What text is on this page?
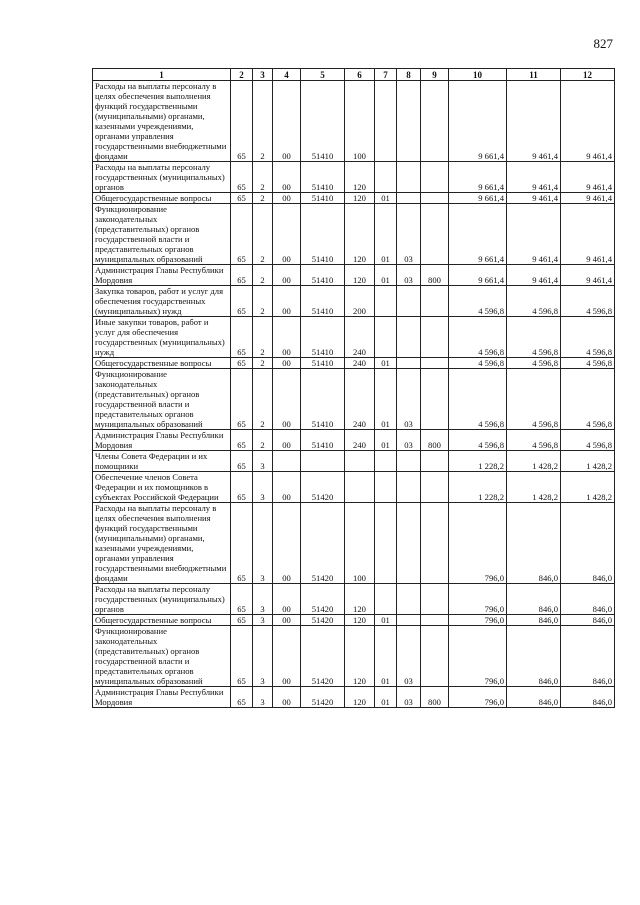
827
1	2	3	4	5	6	7	8	9	10	11	12
Расходы на выплаты персоналу в целях обеспечения выполнения функций государственными (муниципальными) органами, казенными учреждениями, органами управления государственными внебюджетными фондами	65	2	00	51410	100				9 661,4	9 461,4	9 461,4
Расходы на выплаты персоналу государственных (муниципальных) органов	65	2	00	51410	120				9 661,4	9 461,4	9 461,4
Общегосударственные вопросы	65	2	00	51410	120	01			9 661,4	9 461,4	9 461,4
Функционирование законодательных (представительных) органов государственной власти и представительных органов муниципальных образований	65	2	00	51410	120	01	03		9 661,4	9 461,4	9 461,4
Администрация Главы Республики Мордовия	65	2	00	51410	120	01	03	800	9 661,4	9 461,4	9 461,4
Закупка товаров, работ и услуг для обеспечения государственных (муниципальных) нужд	65	2	00	51410	200				4 596,8	4 596,8	4 596,8
Иные закупки товаров, работ и услуг для обеспечения государственных (муниципальных) нужд	65	2	00	51410	240				4 596,8	4 596,8	4 596,8
Общегосударственные вопросы	65	2	00	51410	240	01			4 596,8	4 596,8	4 596,8
Функционирование законодательных (представительных) органов государственной власти и представительных органов муниципальных образований	65	2	00	51410	240	01	03		4 596,8	4 596,8	4 596,8
Администрация Главы Республики Мордовия	65	2	00	51410	240	01	03	800	4 596,8	4 596,8	4 596,8
Члены Совета Федерации и их помощники	65	3							1 228,2	1 428,2	1 428,2
Обеспечение членов Совета Федерации и их помощников в субъектах Российской Федерации	65	3	00	51420					1 228,2	1 428,2	1 428,2
Расходы на выплаты персоналу в целях обеспечения выполнения функций государственными (муниципальными) органами, казенными учреждениями, органами управления государственными внебюджетными фондами	65	3	00	51420	100				796,0	846,0	846,0
Расходы на выплаты персоналу государственных (муниципальных) органов	65	3	00	51420	120				796,0	846,0	846,0
Общегосударственные вопросы	65	3	00	51420	120	01			796,0	846,0	846,0
Функционирование законодательных (представительных) органов государственной власти и представительных органов муниципальных образований	65	3	00	51420	120	01	03		796,0	846,0	846,0
Администрация Главы Республики Мордовия	65	3	00	51420	120	01	03	800	796,0	846,0	846,0
